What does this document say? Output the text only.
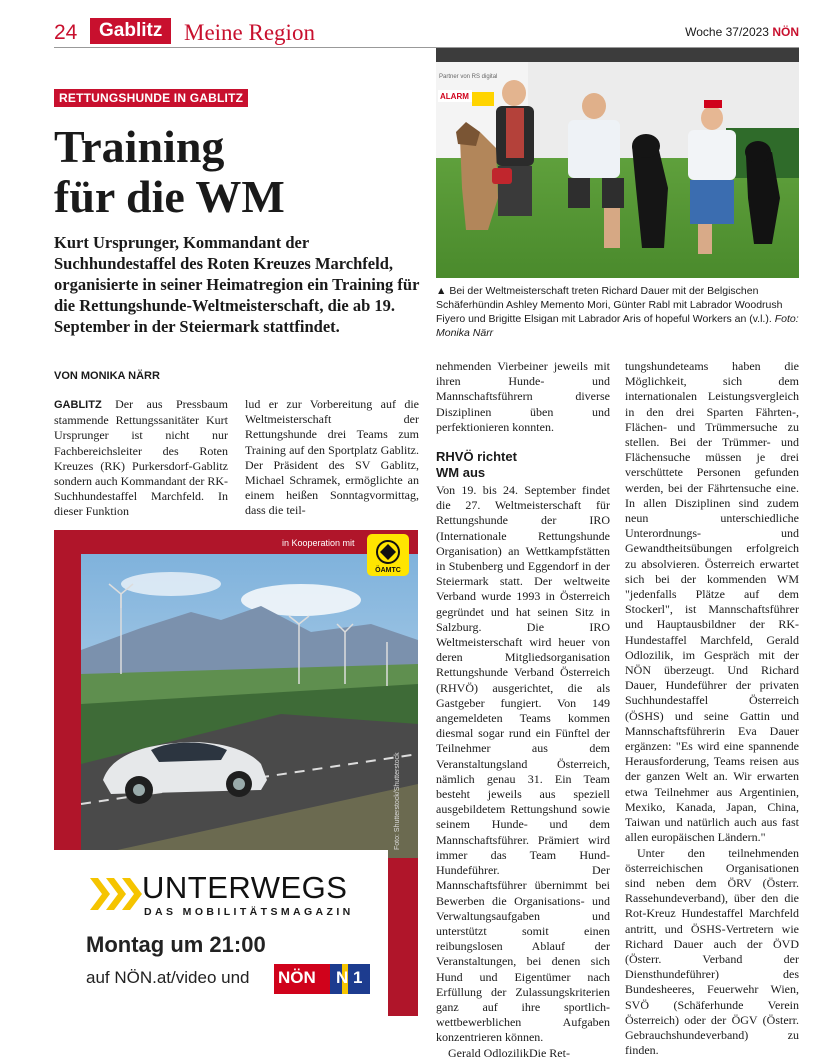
24	Gablitz Meine Region	Woche 37/2023 NÖN
RETTUNGSHUNDE IN GABLITZ
Training
für die WM

Kurt Ursprunger, Kommandant der Suchhundestaffel des Roten Kreuzes Marchfeld, organisierte in seiner Heimatregion ein Training für die Rettungshunde-Weltmeisterschaft, die ab 19. September in der Steiermark stattfindet.

VON MONIKA NÄRR
Partner von RS digital
ALARM
▲ Bei der Weltmeisterschaft treten Richard Dauer mit der Belgischen Schäferhündin Ashley Memento Mori, Günter Rabl mit Labrador Woodrush Fiyero und Brigitte Elsigan mit Labrador Aris of hopeful Workers an (v.l.). Foto: Monika Närr
GABLITZ Der aus Pressbaum stammende Rettungssanitäter Kurt Ursprunger ist nicht nur Fachbereichsleiter des Roten Kreuzes (RK) Purkersdorf-Gablitz sondern auch Kommandant der RK-Suchhundestaffel Marchfeld. In dieser Funktion
lud er zur Vorbereitung auf die Weltmeisterschaft der Rettungshunde drei Teams zum Training auf den Sportplatz Gablitz. Der Präsident des SV Gablitz, Michael Schramek, ermöglichte an einem heißen Sonntagvormittag, dass die teil-

nehmenden Vierbeiner jeweils mit ihren Hunde- und Mannschaftsführern diverse Disziplinen üben und perfektionieren konnten.

RHVÖ richtet
WM aus

Von 19. bis 24. September findet die 27. Weltmeisterschaft für Rettungshunde der IRO (Internationale Rettungshunde Organisation) an Wettkampfstätten in Stubenberg und Eggendorf in der Steiermark statt. Der weltweite Verband wurde 1993 in Österreich gegründet und hat seinen Sitz in Salzburg. Die IRO Weltmeisterschaft wird heuer von deren Mitgliedsorganisation Rettungshunde Verband Österreich (RHVÖ) ausgerichtet, die als Gastgeber fungiert. Von 149 angemeldeten Teams kommen diesmal sogar rund ein Fünftel der Teilnehmer aus dem Veranstaltungsland Österreich, nämlich genau 31. Ein Team besteht jeweils aus speziell ausgebildetem Rettungshund sowie seinem Hunde- und dem Mannschaftsführer. Prämiert wird immer das Team Hund-Hundeführer. Der Mannschaftsführer übernimmt bei Bewerben die Organisations- und Verwaltungsaufgaben und unterstützt somit einen reibungslosen Ablauf der Veranstaltungen, bei denen sich Hund und Eigentümer nach Erfüllung der Zulassungskriterien ganz auf ihre sportlich-wettbewerblichen Aufgaben konzentrieren können.

Gerald OdlozilikDie Ret-

tungshundeteams haben die Möglichkeit, sich dem internationalen Leistungsvergleich in den drei Sparten Fährten-, Flächen- und Trümmersuche zu stellen. Bei der Trümmer- und Flächensuche müssen je drei verschüttete Personen gefunden werden, bei der Fährtensuche eine. In allen Disziplinen sind zudem neun unterschiedliche Unterordnungs- und Gewandtheitsübungen erfolgreich zu absolvieren. Österreich erwartet sich bei der kommenden WM "jedenfalls Plätze auf dem Stockerl", ist Mannschaftsführer und Hauptausbildner der RK-Hundestaffel Marchfeld, Gerald Odlozilik, im Gespräch mit der NÖN überzeugt. Und Richard Dauer, Hundeführer der privaten Suchhundestaffel Österreich (ÖSHS) und seine Gattin und Mannschaftsführerin Eva Dauer ergänzen: "Es wird eine spannende Herausforderung, Teams reisen aus der ganzen Welt an. Wir erwarten etwa Teilnehmer aus Argentinien, Mexiko, Kanada, Japan, China, Taiwan und natürlich auch aus fast allen europäischen Ländern."

Unter den teilnehmenden österreichischen Organisationen sind neben dem ÖRV (Österr. Rassehundeverband), über den die Rot-Kreuz Hundestaffel Marchfeld antritt, und ÖSHS-Vertretern wie Richard Dauer auch der ÖVD (Österr. Verband der Diensthundeführer) des Bundesheeres, Feuerwehr Wien, SVÖ (Schäferhunde Verein Österreich) oder der ÖGV (Österr. Gebrauchshundeverband) zu finden.

Foto: Shutterstock/Shutterstock
in Kooperation mit
ÖAMTC
UNTERWEGS
DAS MOBILITÄTSMAGAZIN
Montag um 21:00
auf NÖN.at/video und NÖN N 1
